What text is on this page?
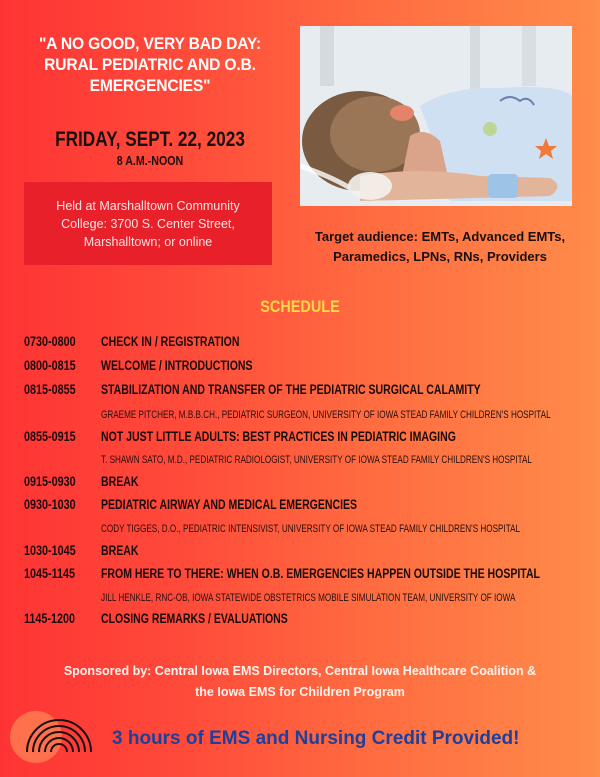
"A NO GOOD, VERY BAD DAY:
RURAL PEDIATRIC AND O.B.
EMERGENCIES"
FRIDAY, SEPT. 22, 2023
8 A.M.-NOON
Held at Marshalltown Community College: 3700 S. Center Street, Marshalltown; or online	Target audience: EMTs, Advanced EMTs,
Paramedics, LPNs, RNs, Providers
SCHEDULE
0730-0800 CHECK IN / REGISTRATION
0800-0815 WELCOME / INTRODUCTIONS
0815-0855 STABILIZATION AND TRANSFER OF THE PEDIATRIC SURGICAL CALAMITY
GRAEME PITCHER, M.B.B.CH., PEDIATRIC SURGEON, UNIVERSITY OF IOWA STEAD FAMILY CHILDREN'S HOSPITAL
0855-0915 NOT JUST LITTLE ADULTS: BEST PRACTICES IN PEDIATRIC IMAGING
T. SHAWN SATO, M.D., PEDIATRIC RADIOLOGIST, UNIVERSITY OF IOWA STEAD FAMILY CHILDREN'S HOSPITAL
0915-0930 BREAK
0930-1030 PEDIATRIC AIRWAY AND MEDICAL EMERGENCIES
CODY TIGGES, D.O., PEDIATRIC INTENSIVIST, UNIVERSITY OF IOWA STEAD FAMILY CHILDREN'S HOSPITAL
1030-1045 BREAK
1045-1145FROM HERE TO THERE: WHEN O.B. EMERGENCIES HAPPEN OUTSIDE THE HOSPITAL
JILL HENKLE, RNC-OB, IOWA STATEWIDE OBSTETRICS MOBILE SIMULATION TEAM, UNIVERSITY OF IOWA
1145-1200 CLOSING REMARKS / EVALUATIONS
Sponsored by: Central Iowa EMS Directors, Central Iowa Healthcare Coalition &
the Iowa EMS for Children Program
3 hours of EMS and Nursing Credit Provided!
